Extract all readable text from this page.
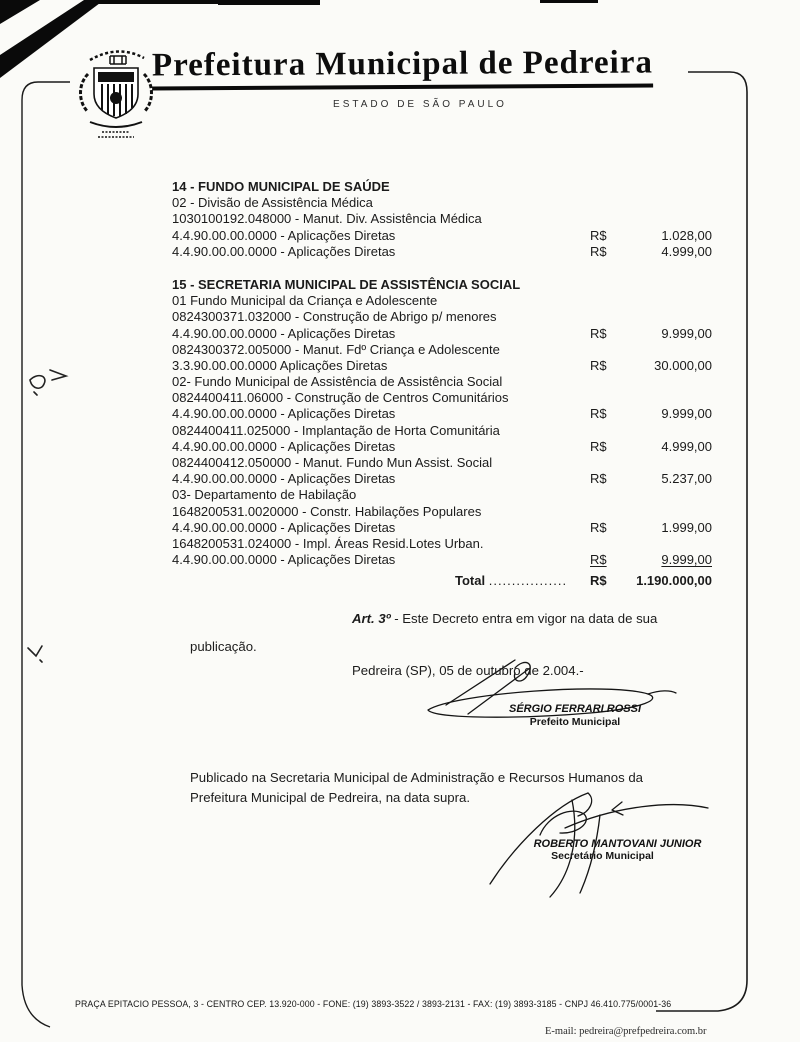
Prefeitura Municipal de Pedreira
ESTADO DE SÃO PAULO
14 - FUNDO MUNICIPAL DE SAÚDE
02 - Divisão de Assistência Médica
1030100192.048000 - Manut. Div. Assistência Médica
4.4.90.00.00.0000 - Aplicações Diretas	R$	1.028,00
4.4.90.00.00.0000 - Aplicações Diretas	R$	4.999,00
15 - SECRETARIA MUNICIPAL DE ASSISTÊNCIA SOCIAL
01 Fundo Municipal da Criança e Adolescente
0824300371.032000 - Construção de Abrigo p/ menores
4.4.90.00.00.0000 - Aplicações Diretas	R$	9.999,00
0824300372.005000 - Manut. Fdº Criança e Adolescente
3.3.90.00.00.0000 Aplicações Diretas	R$	30.000,00
02- Fundo Municipal de Assistência de Assistência Social
0824400411.06000 - Construção de Centros Comunitários
4.4.90.00.00.0000 - Aplicações Diretas	R$	9.999,00
0824400411.025000 - Implantação de Horta Comunitária
4.4.90.00.00.0000 - Aplicações Diretas	R$	4.999,00
0824400412.050000 - Manut. Fundo Mun Assist. Social
4.4.90.00.00.0000 - Aplicações Diretas	R$	5.237,00
03- Departamento de Habilação
1648200531.0020000 - Constr. Habilações Populares
4.4.90.00.00.0000 - Aplicações Diretas	R$	1.999,00
1648200531.024000 - Impl. Áreas Resid.Lotes Urban.
4.4.90.00.00.0000 - Aplicações Diretas	R$	9.999,00
Total ................. R$ 1.190.000,00
Art. 3º - Este Decreto entra em vigor na data de sua
publicação.
Pedreira (SP), 05 de outubro de 2.004.-
SÉRGIO FERRARI ROSSI
Prefeito Municipal
Publicado na Secretaria Municipal de Administração e Recursos Humanos da
Prefeitura Municipal de Pedreira, na data supra.
ROBERTO MANTOVANI JUNIOR
Secretário Municipal
PRAÇA EPITACIO PESSOA, 3 - CENTRO CEP. 13.920-000 - FONE: (19) 3893-3522 / 3893-2131 - FAX: (19) 3893-3185 - CNPJ 46.410.775/0001-36
E-mail: pedreira@prefpedreira.com.br
